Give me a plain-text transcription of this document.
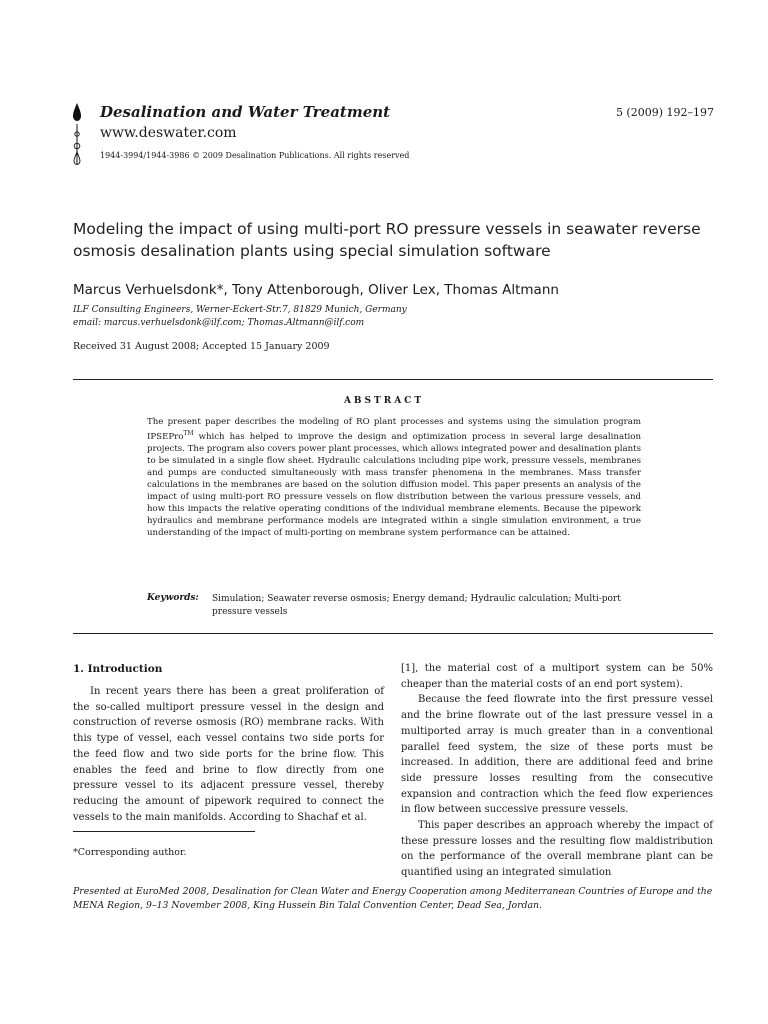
Desalination and Water Treatment
www.deswater.com
5 (2009) 192–197
1944-3994/1944-3986 © 2009 Desalination Publications. All rights reserved
Modeling the impact of using multi-port RO pressure vessels in seawater reverse osmosis desalination plants using special simulation software
Marcus Verhuelsdonk*, Tony Attenborough, Oliver Lex, Thomas Altmann
ILF Consulting Engineers, Werner-Eckert-Str.7, 81829 Munich, Germany
email: marcus.verhuelsdonk@ilf.com; Thomas.Altmann@ilf.com
Received 31 August 2008; Accepted 15 January 2009
ABSTRACT
The present paper describes the modeling of RO plant processes and systems using the simulation program IPSEPro™ which has helped to improve the design and optimization process in several large desalination projects. The program also covers power plant processes, which allows integrated power and desalination plants to be simulated in a single flow sheet. Hydraulic calculations including pipe work, pressure vessels, membranes and pumps are conducted simultaneously with mass transfer phenomena in the membranes. Mass transfer calculations in the membranes are based on the solution diffusion model. This paper presents an analysis of the impact of using multi-port RO pressure vessels on flow distribution between the various pressure vessels, and how this impacts the relative operating conditions of the individual membrane elements. Because the pipework hydraulics and membrane performance models are integrated within a single simulation environment, a true understanding of the impact of multi-porting on membrane system performance can be attained.
Keywords: Simulation; Seawater reverse osmosis; Energy demand; Hydraulic calculation; Multi-port pressure vessels
1. Introduction

In recent years there has been a great proliferation of the so-called multiport pressure vessel in the design and construction of reverse osmosis (RO) membrane racks. With this type of vessel, each vessel contains two side ports for the feed flow and two side ports for the brine flow. This enables the feed and brine to flow directly from one pressure vessel to its adjacent pressure vessel, thereby reducing the amount of pipework required to connect the vessels to the main manifolds. According to Shachaf et al.

[1], the material cost of a multiport system can be 50% cheaper than the material costs of an end port system).

Because the feed flowrate into the first pressure vessel and the brine flowrate out of the last pressure vessel in a multiported array is much greater than in a conventional parallel feed system, the size of these ports must be increased. In addition, there are additional feed and brine side pressure losses resulting from the consecutive expansion and contraction which the feed flow experiences in flow between successive pressure vessels.

This paper describes an approach whereby the impact of these pressure losses and the resulting flow maldistribution on the performance of the overall membrane plant can be quantified using an integrated simulation

*Corresponding author.
Presented at EuroMed 2008, Desalination for Clean Water and Energy Cooperation among Mediterranean Countries of Europe and the MENA Region, 9–13 November 2008, King Hussein Bin Talal Convention Center, Dead Sea, Jordan.
